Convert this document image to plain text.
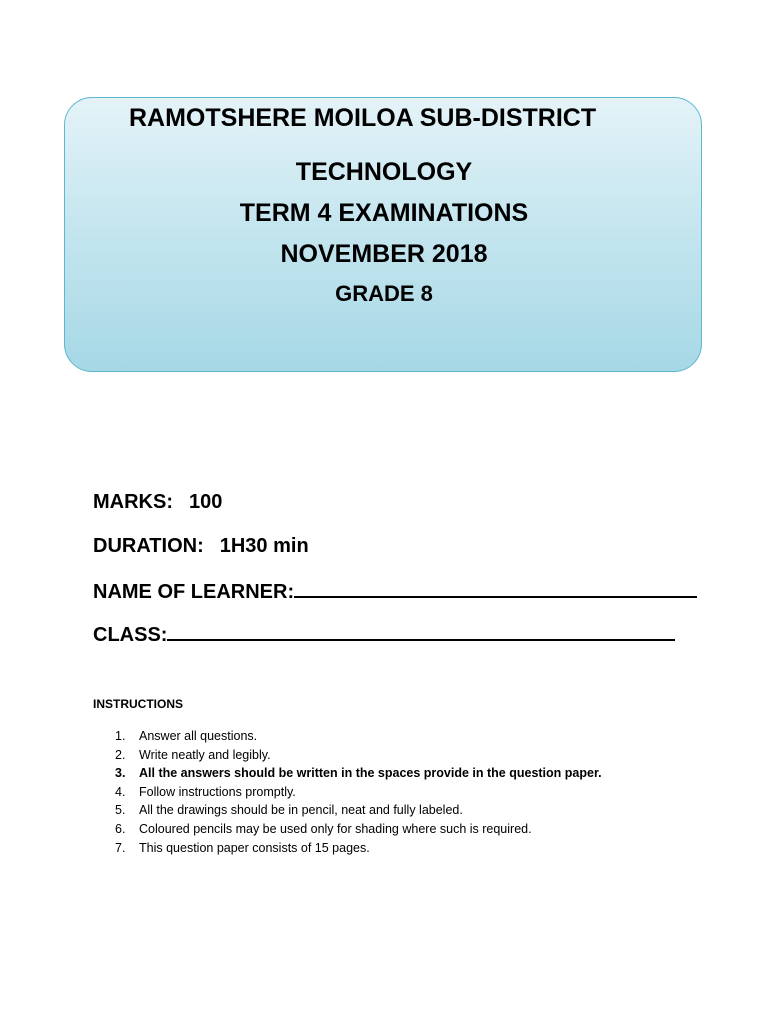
RAMOTSHERE MOILOA SUB-DISTRICT
TECHNOLOGY
TERM 4 EXAMINATIONS
NOVEMBER 2018
GRADE 8
MARKS: 100
DURATION: 1H30 min
NAME OF LEARNER:
CLASS:
INSTRUCTIONS
1. Answer all questions.
2. Write neatly and legibly.
3. All the answers should be written in the spaces provide in the question paper.
4. Follow instructions promptly.
5. All the drawings should be in pencil, neat and fully labeled.
6. Coloured pencils may be used only for shading where such is required.
7. This question paper consists of 15 pages.
